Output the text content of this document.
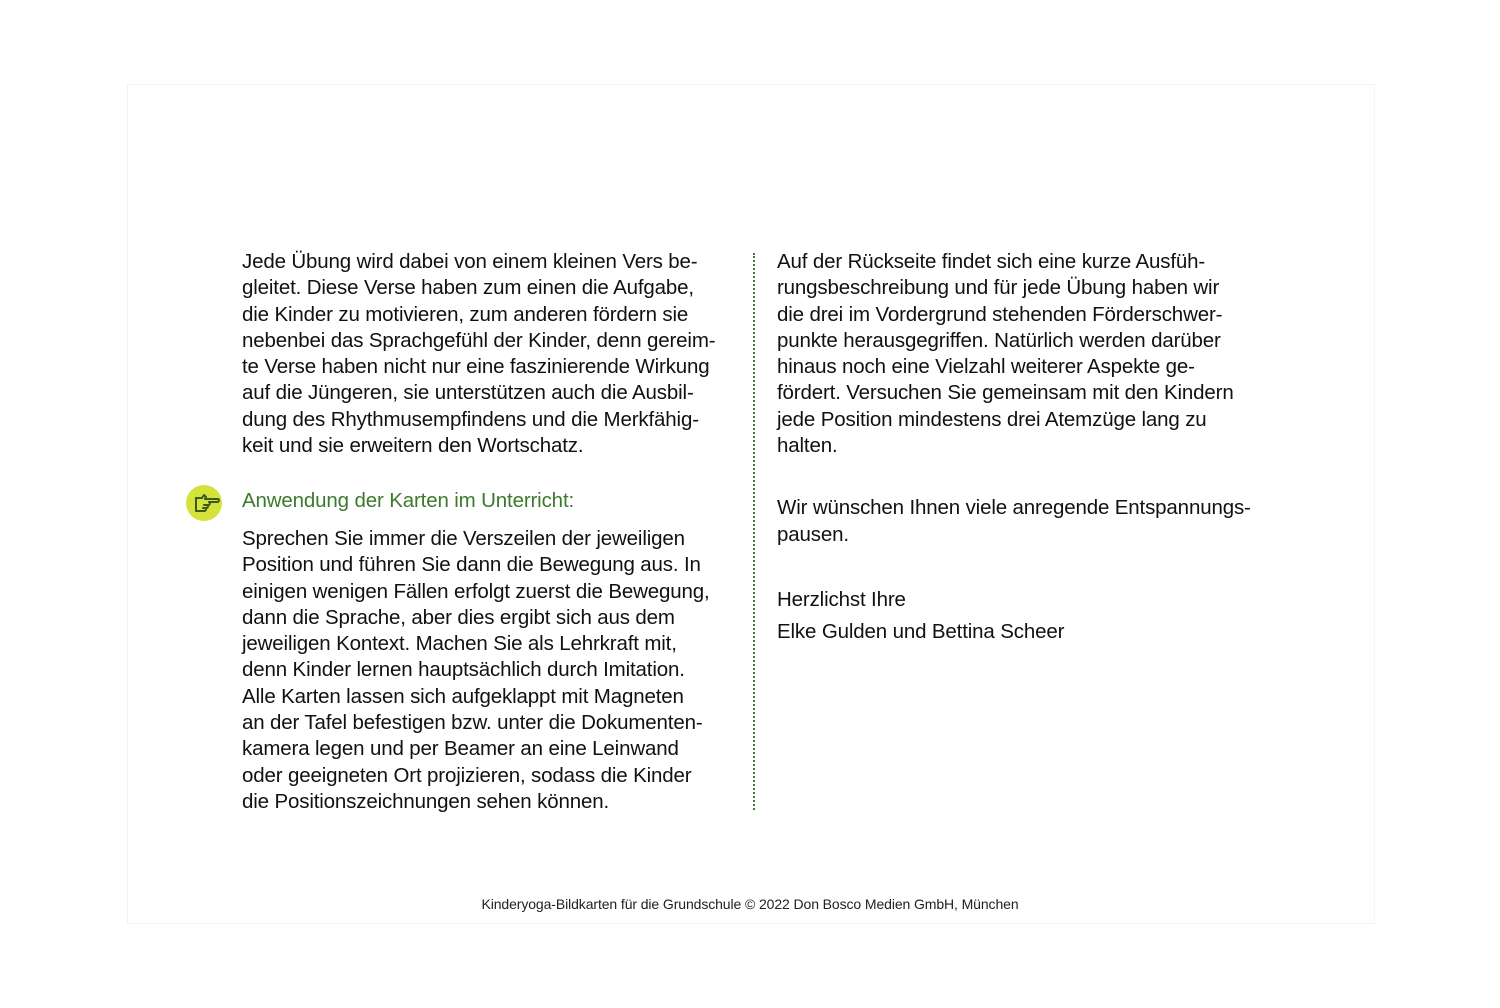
Jede Übung wird dabei von einem kleinen Vers be-
gleitet. Diese Verse haben zum einen die Aufgabe,
die Kinder zu motivieren, zum anderen fördern sie
nebenbei das Sprachgefühl der Kinder, denn gereim-
te Verse haben nicht nur eine faszinierende Wirkung
auf die Jüngeren, sie unterstützen auch die Ausbil-
dung des Rhythmusempfindens und die Merkfähig-
keit und sie erweitern den Wortschatz.
Anwendung der Karten im Unterricht:
Sprechen Sie immer die Verszeilen der jeweiligen
Position und führen Sie dann die Bewegung aus. In
einigen wenigen Fällen erfolgt zuerst die Bewegung,
dann die Sprache, aber dies ergibt sich aus dem
jeweiligen Kontext. Machen Sie als Lehrkraft mit,
denn Kinder lernen hauptsächlich durch Imitation.
Alle Karten lassen sich aufgeklappt mit Magneten
an der Tafel befestigen bzw. unter die Dokumenten-
kamera legen und per Beamer an eine Leinwand
oder geeigneten Ort projizieren, sodass die Kinder
die Positionszeichnungen sehen können.
Auf der Rückseite findet sich eine kurze Ausfüh-
rungsbeschreibung und für jede Übung haben wir
die drei im Vordergrund stehenden Förderschwer-
punkte herausgegriffen. Natürlich werden darüber
hinaus noch eine Vielzahl weiterer Aspekte ge-
fördert. Versuchen Sie gemeinsam mit den Kindern
jede Position mindestens drei Atemzüge lang zu
halten.
Wir wünschen Ihnen viele anregende Entspannungs-
pausen.
Herzlichst Ihre
Elke Gulden und Bettina Scheer
Kinderyoga-Bildkarten für die Grundschule © 2022 Don Bosco Medien GmbH, München
